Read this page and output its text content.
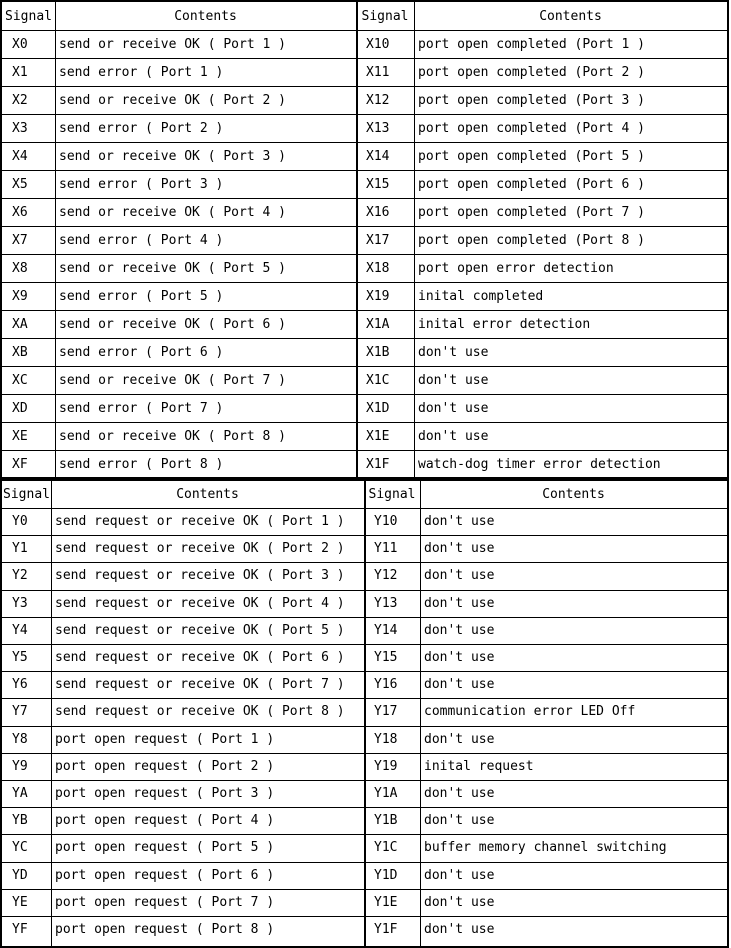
Signal	Contents	Signal	Contents
X0	send or receive OK ( Port 1 )	X10	port open completed (Port 1 )
X1	send error ( Port 1 )	X11	port open completed (Port 2 )
X2	send or receive OK ( Port 2 )	X12	port open completed (Port 3 )
X3	send error ( Port 2 )	X13	port open completed (Port 4 )
X4	send or receive OK ( Port 3 )	X14	port open completed (Port 5 )
X5	send error ( Port 3 )	X15	port open completed (Port 6 )
X6	send or receive OK ( Port 4 )	X16	port open completed (Port 7 )
X7	send error ( Port 4 )	X17	port open completed (Port 8 )
X8	send or receive OK ( Port 5 )	X18	port open error detection
X9	send error ( Port 5 )	X19	inital completed
XA	send or receive OK ( Port 6 )	X1A	inital error detection
XB	send error ( Port 6 )	X1B	don't use
XC	send or receive OK ( Port 7 )	X1C	don't use
XD	send error ( Port 7 )	X1D	don't use
XE	send or receive OK ( Port 8 )	X1E	don't use
XF	send error ( Port 8 )	X1F	watch-dog timer error detection
Signal	Contents	Signal	Contents
Y0	send request or receive OK ( Port 1 )	Y10	don't use
Y1	send request or receive OK ( Port 2 )	Y11	don't use
Y2	send request or receive OK ( Port 3 )	Y12	don't use
Y3	send request or receive OK ( Port 4 )	Y13	don't use
Y4	send request or receive OK ( Port 5 )	Y14	don't use
Y5	send request or receive OK ( Port 6 )	Y15	don't use
Y6	send request or receive OK ( Port 7 )	Y16	don't use
Y7	send request or receive OK ( Port 8 )	Y17	communication error LED Off
Y8	port open request ( Port 1 )	Y18	don't use
Y9	port open request ( Port 2 )	Y19	inital request
YA	port open request ( Port 3 )	Y1A	don't use
YB	port open request ( Port 4 )	Y1B	don't use
YC	port open request ( Port 5 )	Y1C	buffer memory channel switching
YD	port open request ( Port 6 )	Y1D	don't use
YE	port open request ( Port 7 )	Y1E	don't use
YF	port open request ( Port 8 )	Y1F	don't use
